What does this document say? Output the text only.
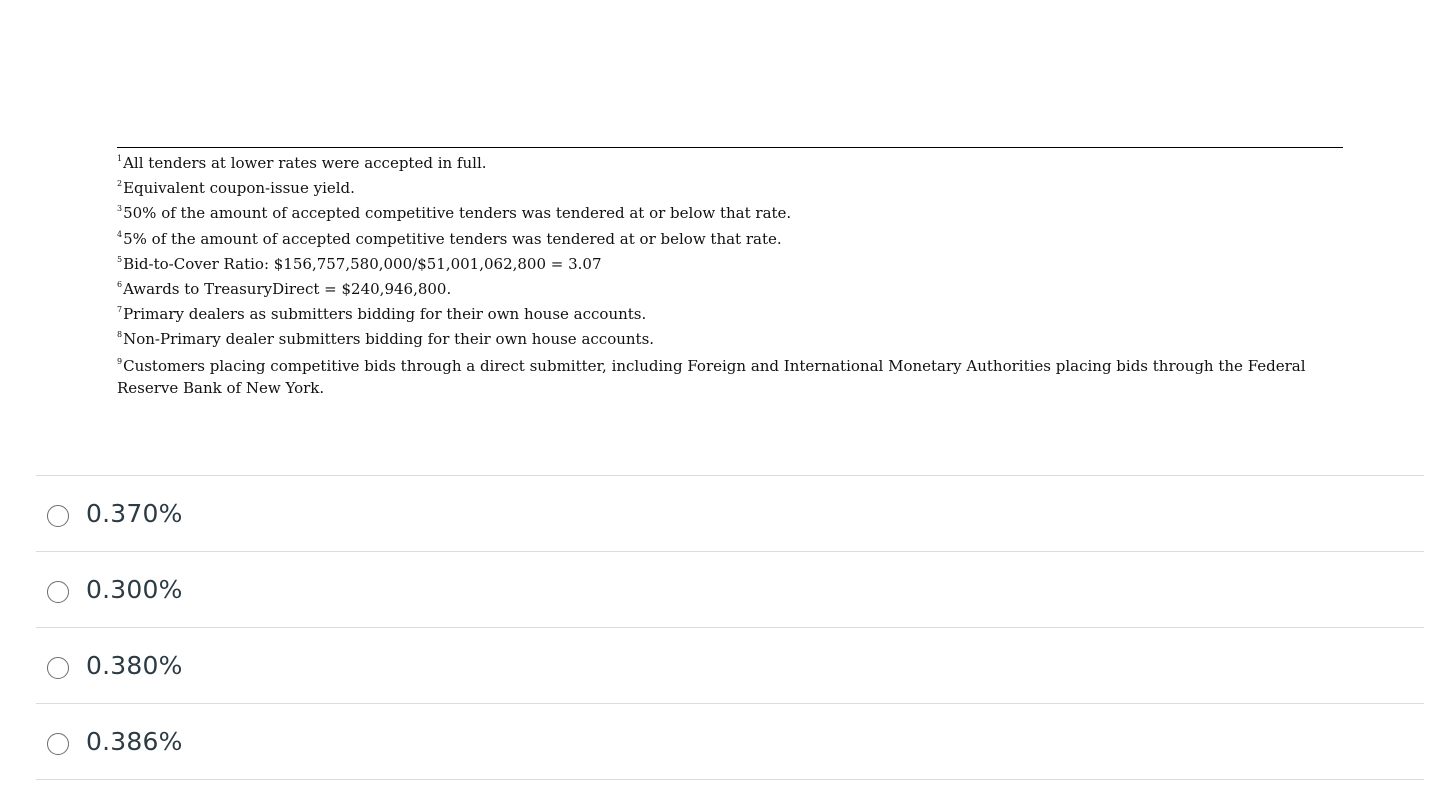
$^1$All tenders at lower rates were accepted in full.
$^2$Equivalent coupon-issue yield.
$^3$50% of the amount of accepted competitive tenders was tendered at or below that rate.
$^4$5% of the amount of accepted competitive tenders was tendered at or below that rate.
$^5$Bid-to-Cover Ratio: $156,757,580,000/$51,001,062,800 = 3.07
$^6$Awards to TreasuryDirect = $240,946,800.
$^7$Primary dealers as submitters bidding for their own house accounts.
$^8$Non-Primary dealer submitters bidding for their own house accounts.
$^9$Customers placing competitive bids through a direct submitter, including Foreign and International Monetary Authorities placing bids through the Federal Reserve Bank of New York.
0.370%
0.300%
0.380%
0.386%
